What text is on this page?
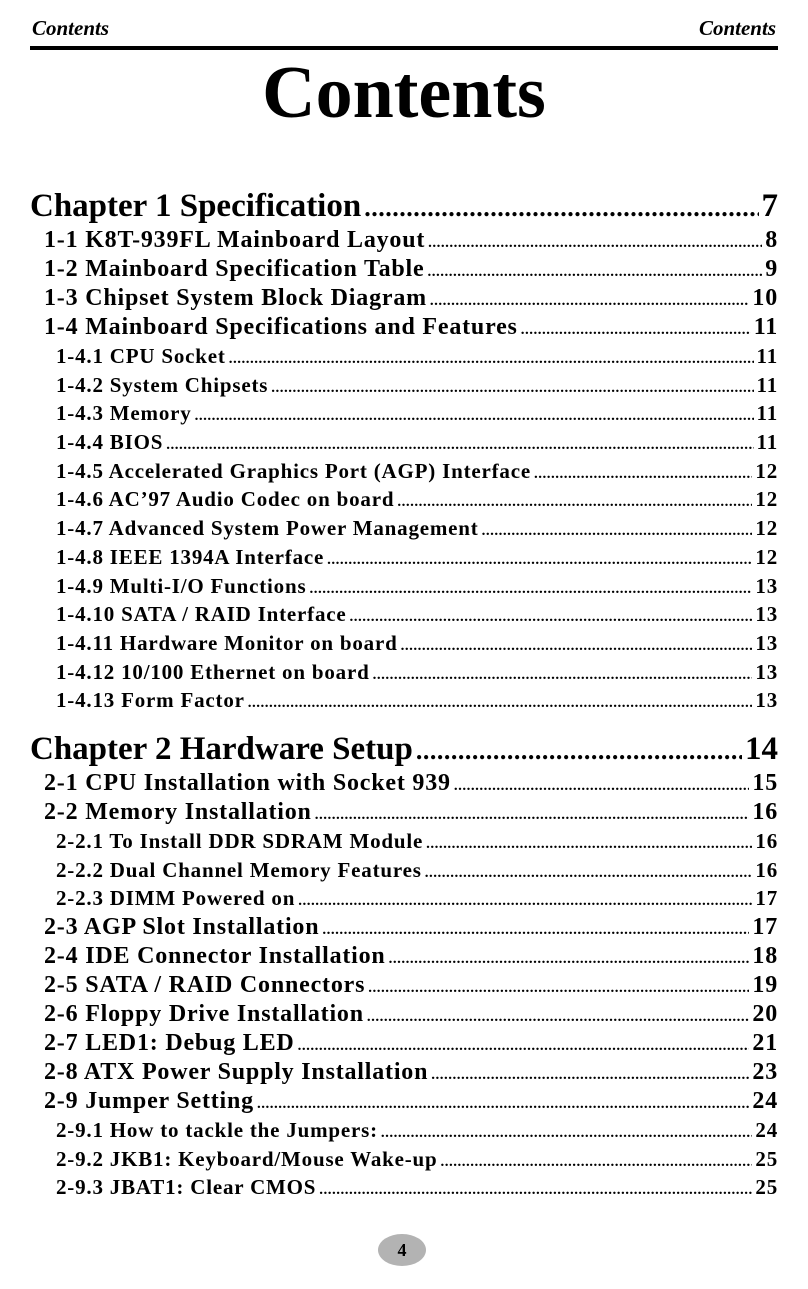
Contents	Contents
Contents
Chapter 1 Specification .....	7
1-1 K8T-939FL Mainboard Layout .....	8
1-2 Mainboard Specification Table .....	9
1-3 Chipset System Block Diagram .....	10
1-4 Mainboard Specifications and Features .....	11
1-4.1 CPU Socket .....	11
1-4.2 System Chipsets .....	11
1-4.3 Memory .....	11
1-4.4 BIOS .....	11
1-4.5 Accelerated Graphics Port (AGP) Interface .....	12
1-4.6 AC’97 Audio Codec on board .....	12
1-4.7 Advanced System Power Management .....	12
1-4.8 IEEE 1394A Interface .....	12
1-4.9 Multi-I/O Functions .....	13
1-4.10 SATA / RAID Interface .....	13
1-4.11 Hardware Monitor on board .....	13
1-4.12 10/100 Ethernet on board .....	13
1-4.13 Form Factor .....	13
Chapter 2 Hardware Setup .....	14
2-1 CPU Installation with Socket 939 .....	15
2-2 Memory Installation .....	16
2-2.1 To Install DDR SDRAM Module .....	16
2-2.2 Dual Channel Memory Features .....	16
2-2.3 DIMM Powered on .....	17
2-3 AGP Slot Installation .....	17
2-4 IDE Connector Installation .....	18
2-5 SATA / RAID Connectors .....	19
2-6 Floppy Drive Installation .....	20
2-7 LED1: Debug LED .....	21
2-8 ATX Power Supply Installation .....	23
2-9 Jumper Setting .....	24
2-9.1 How to tackle the Jumpers: .....	24
2-9.2 JKB1: Keyboard/Mouse Wake-up .....	25
2-9.3 JBAT1: Clear CMOS .....	25
4
